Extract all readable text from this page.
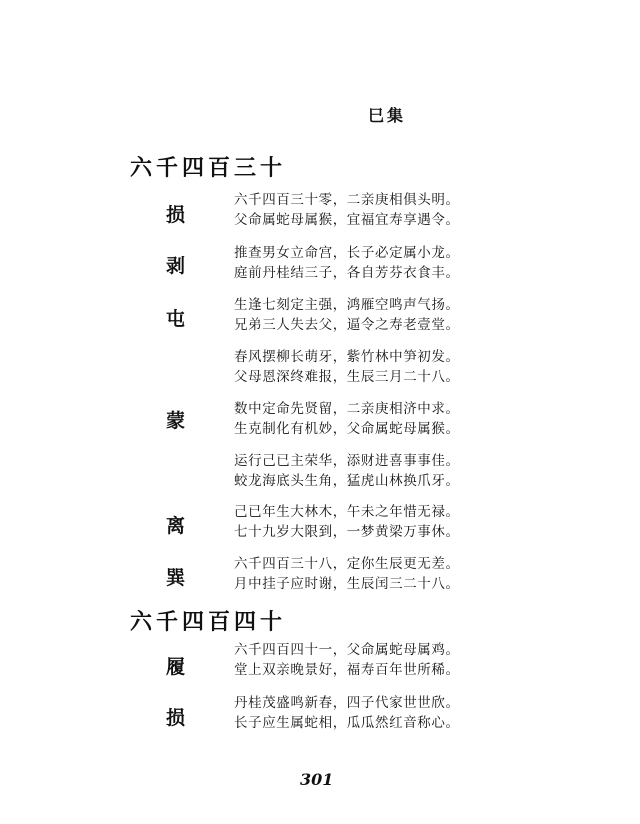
巳集
六千四百三十
损
剥
屯
蒙
离
巽
六千四百三十零，二亲庚相俱头明。
父命属蛇母属猴，宜福宜寿享遇令。
推查男女立命宫，长子必定属小龙。
庭前丹桂结三子，各自芳芬衣食丰。
生逢七刻定主强，鸿雁空鸣声气扬。
兄弟三人失去父，逼令之寿老壹堂。
春风摆柳长萌牙，紫竹林中笋初发。
父母恩深终难报，生辰三月二十八。
数中定命先贤留，二亲庚相济中求。
生克制化有机妙，父命属蛇母属猴。
运行己已主荣华，添财进喜事事佳。
蛟龙海底头生角，猛虎山林换爪牙。
己已年生大林木，午未之年惜无禄。
七十九岁大限到，一梦黄梁万事休。
六千四百三十八，定你生辰更无差。
月中挂子应时谢，生辰闰三二十八。
六千四百四十
履
损
六千四百四十一，父命属蛇母属鸡。
堂上双亲晚景好，福寿百年世所稀。
丹桂茂盛鸣新春，四子代家世世欣。
长子应生属蛇相，瓜瓜然红音称心。
301
